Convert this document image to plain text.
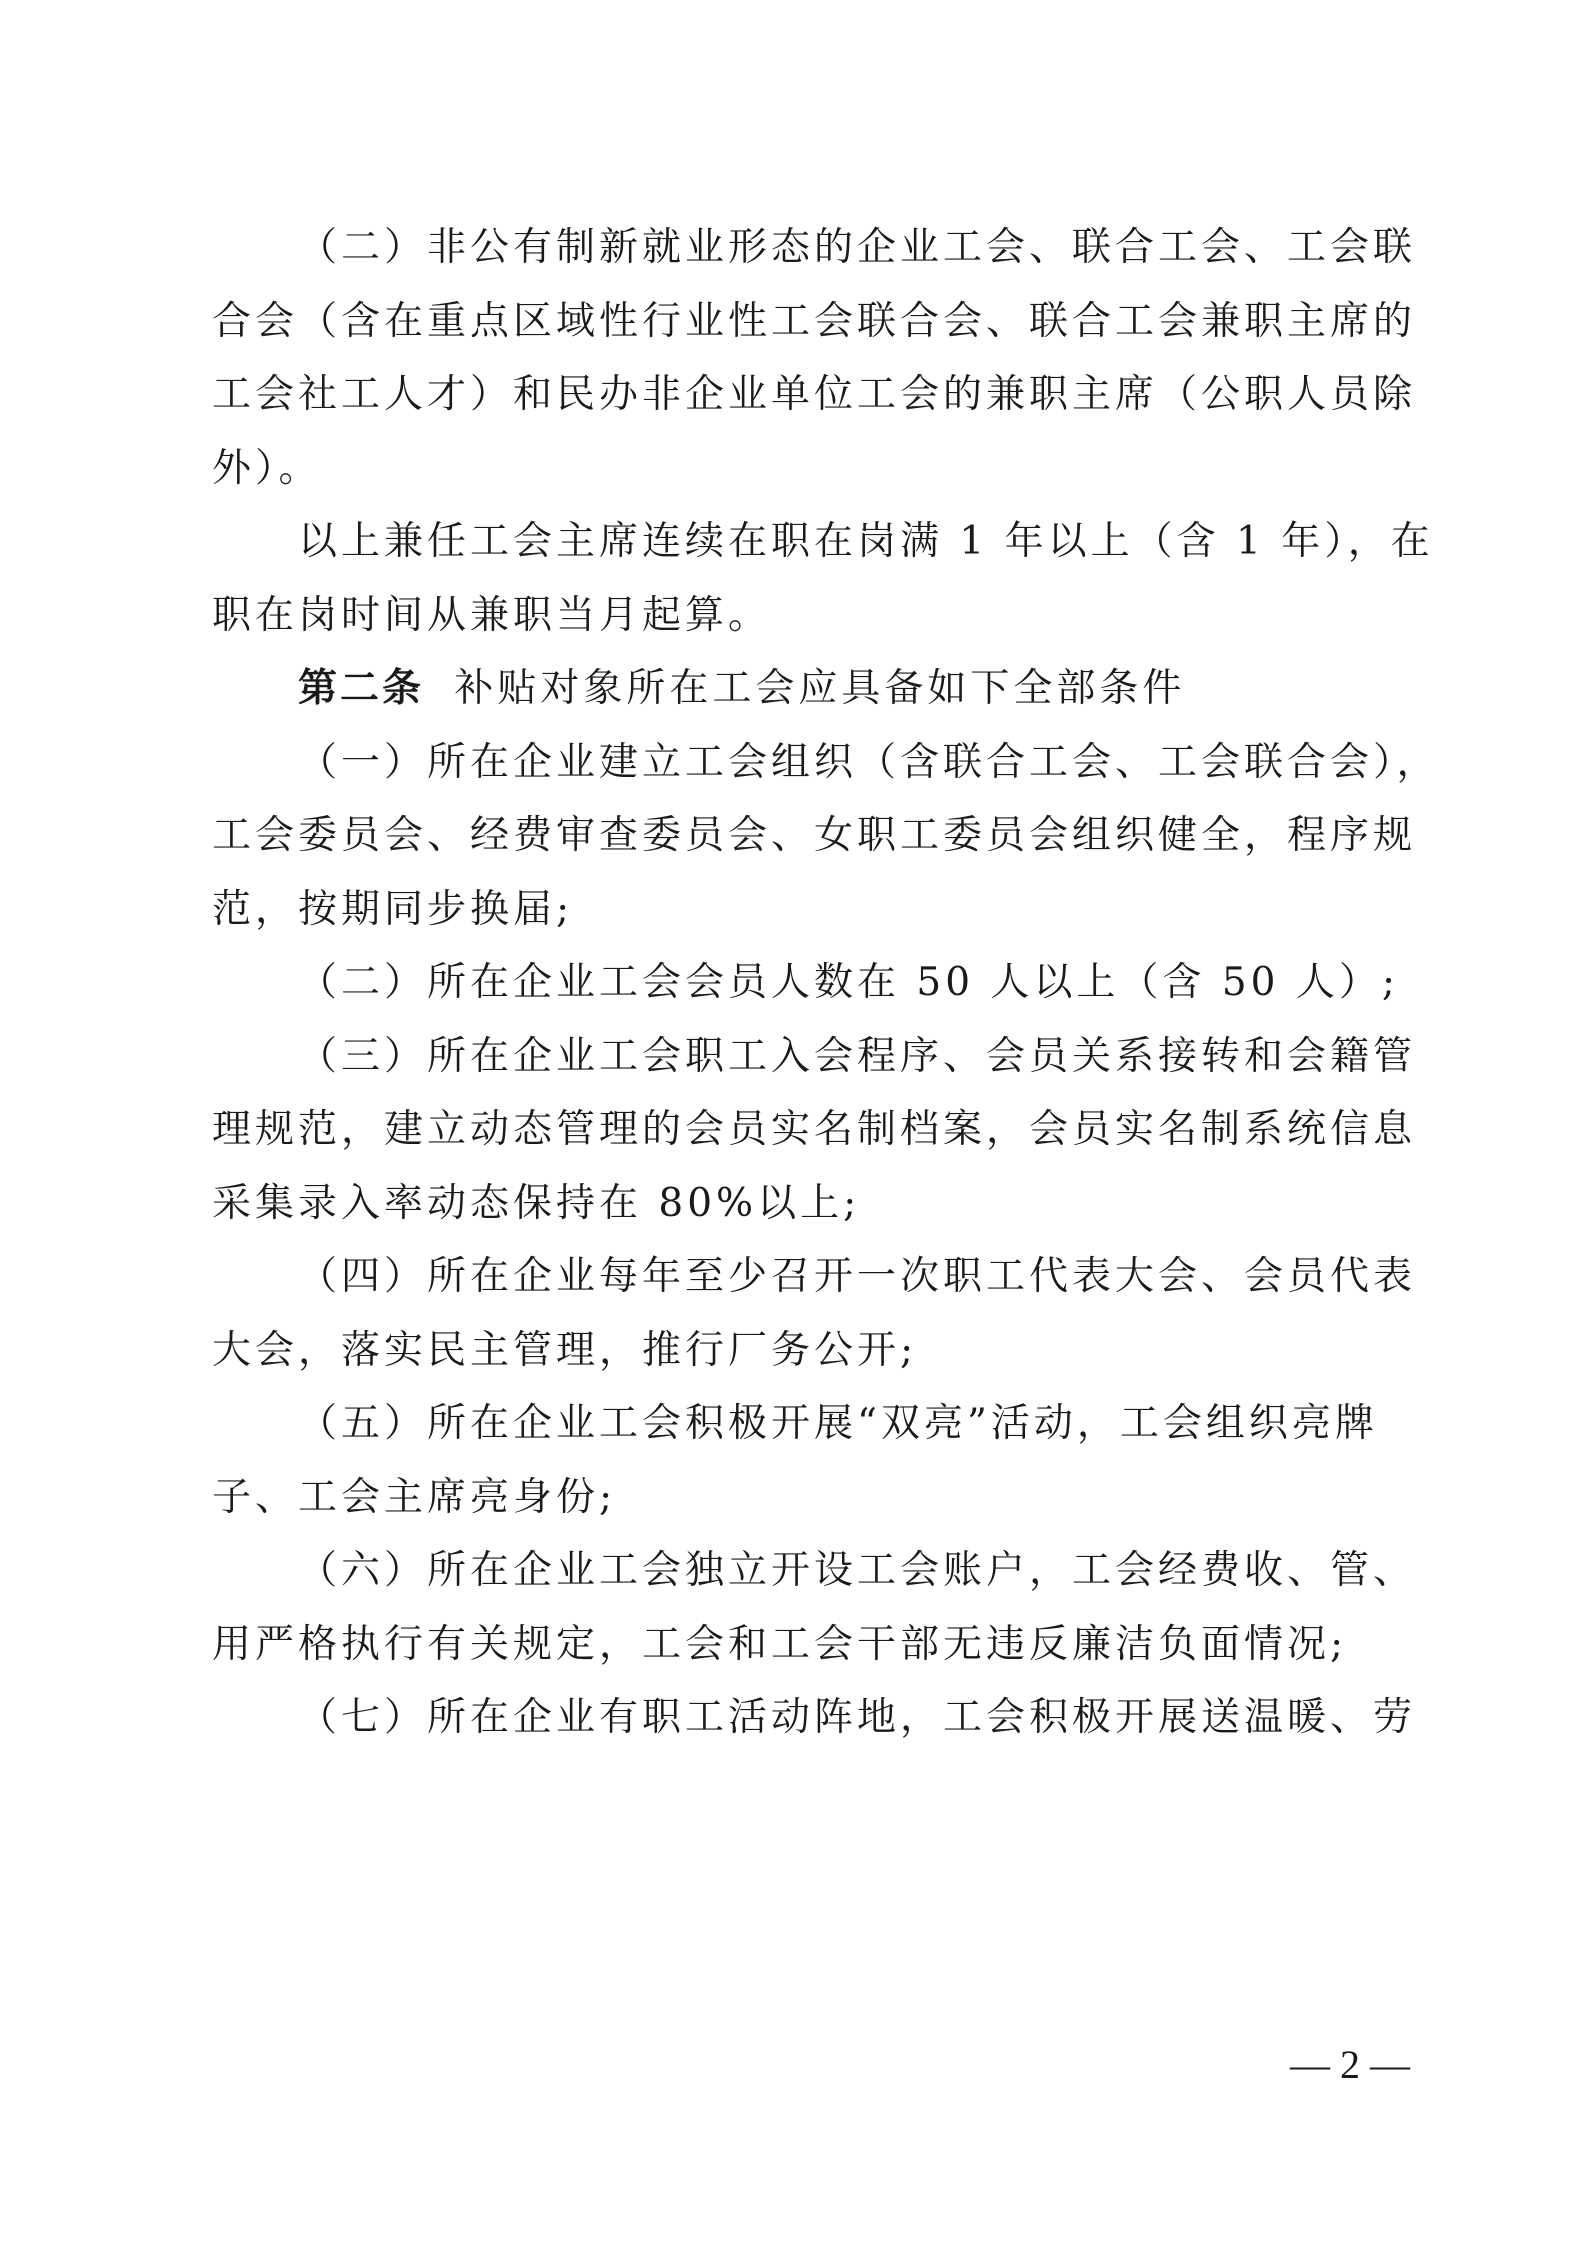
（二）非公有制新就业形态的企业工会、联合工会、工会联
合会（含在重点区域性行业性工会联合会、联合工会兼职主席的
工会社工人才）和民办非企业单位工会的兼职主席（公职人员除
外）。
以上兼任工会主席连续在职在岗满 1 年以上（含 1 年），在
职在岗时间从兼职当月起算。
第二条 补贴对象所在工会应具备如下全部条件
（一）所在企业建立工会组织（含联合工会、工会联合会），
工会委员会、经费审查委员会、女职工委员会组织健全，程序规
范，按期同步换届;
（二）所在企业工会会员人数在 50 人以上（含 50 人）;
（三）所在企业工会职工入会程序、会员关系接转和会籍管
理规范，建立动态管理的会员实名制档案，会员实名制系统信息
采集录入率动态保持在 80%以上;
（四）所在企业每年至少召开一次职工代表大会、会员代表
大会，落实民主管理，推行厂务公开;
（五）所在企业工会积极开展“双亮”活动，工会组织亮牌
子、工会主席亮身份;
（六）所在企业工会独立开设工会账户，工会经费收、管、
用严格执行有关规定，工会和工会干部无违反廉洁负面情况;
（七）所在企业有职工活动阵地，工会积极开展送温暖、劳
— 2 —
